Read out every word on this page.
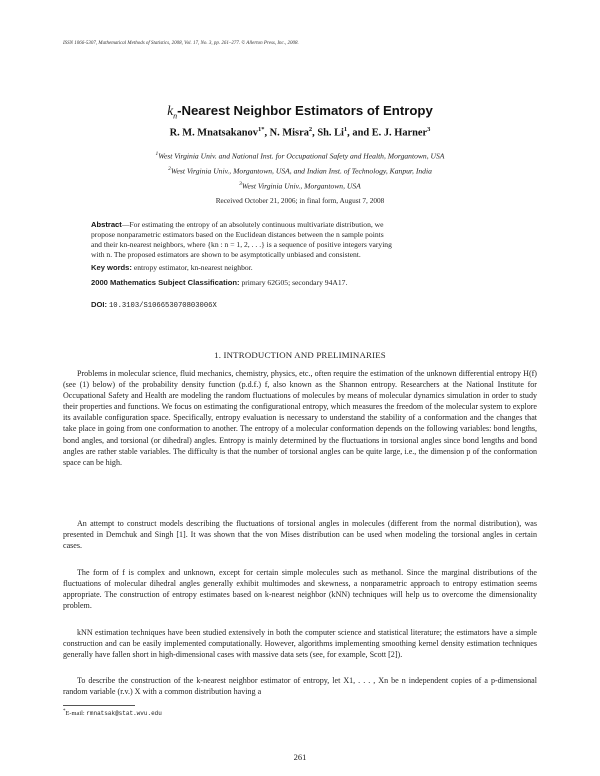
ISSN 1066-5307, Mathematical Methods of Statistics, 2008, Vol. 17, No. 3, pp. 261–277. © Allerton Press, Inc., 2008.
$k_n$-Nearest Neighbor Estimators of Entropy
R. M. Mnatsakanov$^{1*}$, N. Misra$^2$, Sh. Li$^1$, and E. J. Harner$^3$
$^1$West Virginia Univ. and National Inst. for Occupational Safety and Health, Morgantown, USA
$^2$West Virginia Univ., Morgantown, USA, and Indian Inst. of Technology, Kanpur, India
$^3$West Virginia Univ., Morgantown, USA
Received October 21, 2006; in final form, August 7, 2008
Abstract—For estimating the entropy of an absolutely continuous multivariate distribution, we
propose nonparametric estimators based on the Euclidean distances between the n sample points
and their kn-nearest neighbors, where {kn : n = 1, 2, . . .} is a sequence of positive integers varying
with n. The proposed estimators are shown to be asymptotically unbiased and consistent.
Key words: entropy estimator, kn-nearest neighbor.
2000 Mathematics Subject Classification: primary 62G05; secondary 94A17.
DOI: 10.3103/S106653070803006X
1. INTRODUCTION AND PRELIMINARIES
Problems in molecular science, fluid mechanics, chemistry, physics, etc., often require the estimation of the unknown differential entropy H(f) (see (1) below) of the probability density function (p.d.f.) f, also known as the Shannon entropy. Researchers at the National Institute for Occupational Safety and Health are modeling the random fluctuations of molecules by means of molecular dynamics simulation in order to study their properties and functions. We focus on estimating the configurational entropy, which measures the freedom of the molecular system to explore its available configuration space. Specifically, entropy evaluation is necessary to understand the stability of a conformation and the changes that take place in going from one conformation to another. The entropy of a molecular conformation depends on the following variables: bond lengths, bond angles, and torsional (or dihedral) angles. Entropy is mainly determined by the fluctuations in torsional angles since bond lengths and bond angles are rather stable variables. The difficulty is that the number of torsional angles can be quite large, i.e., the dimension p of the conformation space can be high.
An attempt to construct models describing the fluctuations of torsional angles in molecules (different from the normal distribution), was presented in Demchuk and Singh [1]. It was shown that the von Mises distribution can be used when modeling the torsional angles in certain cases.
The form of f is complex and unknown, except for certain simple molecules such as methanol. Since the marginal distributions of the fluctuations of molecular dihedral angles generally exhibit multimodes and skewness, a nonparametric approach to entropy estimation seems appropriate. The construction of entropy estimates based on k-nearest neighbor (kNN) techniques will help us to overcome the dimensionality problem.
kNN estimation techniques have been studied extensively in both the computer science and statistical literature; the estimators have a simple construction and can be easily implemented computationally. However, algorithms implementing smoothing kernel density estimation techniques generally have fallen short in high-dimensional cases with massive data sets (see, for example, Scott [2]).
To describe the construction of the k-nearest neighbor estimator of entropy, let X1, . . . , Xn be n independent copies of a p-dimensional random variable (r.v.) X with a common distribution having a
*E-mail: rmnatsak@stat.wvu.edu
261
